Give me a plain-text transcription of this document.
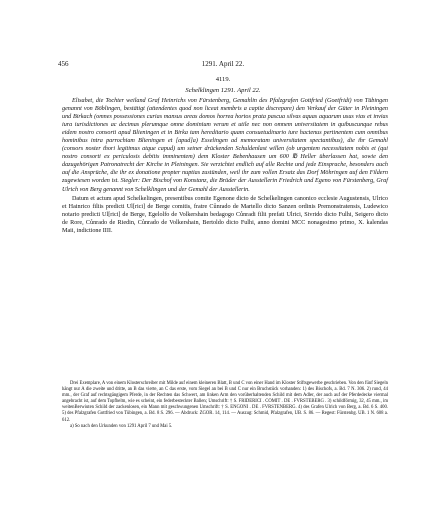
456	1291. April 22.
4119.
Schelklingen 1291. April 22.

Elisabet, die Tochter weiland Graf Heinrichs von Fürstenberg, Gemahlin des Pfalzgrafen Gottfried (Goetfridi) von Tübingen genannt von Böblingen, bestätigt (attendentes quod non liceat membris a capite discrepare) den Verkauf der Güter in Pleiningen und Birkach (omnes possessiones curias mansus areas domos horrea hortos prata pascua silvas aquas aquarum usus vias et invias iura iurisdictiones ac decimas plerumque omne dominium verum et utile nec non omnem universitatem in quibuscunque rebus eidem nostro consorti apud Blieningen et in Birka tam hereditario quam consuetudinario iure hactenus pertinentem cum omnibus hominibus intra parrochiam Blieningen et [apud]a) Esselingen ad memoratam universitatem spectantibus), die ihr Gemahl (consors noster thori legitimus atque capud) um seiner drückenden Schuldenlast willen (ob urgentem necessitatem nobis et (qui nostro consorti ex periculosis debitis imminentem) dem Kloster Bebenhausen um 600 ℔ Heller überlassen hat, sowie den dazugehörigen Patronatrecht der Kirche in Pleiningen. Sie verzichtet endlich auf alle Rechte und jede Einsprache, besonders auch auf die Ansprüche, die ihr ex donatione propter nuptias zustünden, weil ihr zum vollen Ersatz das Dorf Möhringen auf den Fildern zugewiesen worden ist. Siegler: Der Bischof von Konstanz, die Brüder der Ausstellerin Friedrich und Egeno von Fürstenberg, Graf Ulrich von Berg genannt von Schelklingen und der Gemahl der Ausstellerin.

Datum et actum apud Schelkelingen, presentibus comite Egenone dicto de Schelkelingen canonico ecclesie Augustensis, Ulrico et Hainrico filiis predicti Ul[rici] de Berge comitis, fratre Cůnrado de Martello dicto Sanzen ordinis Premonstratensis, Ludewico notario predicti Ul[rici] de Berge, Egelolfo de Volkershain bedagogo Cůnradi filii prefati Ulrici, Sivrido dicto Fulhi, Seigero dicto de Rore, Cůnrado de Riedin, Cůnrado de Volkershain, Bertoldo dicto Fulhi, anno domini MCC nonagesimo primo, X. kalendas Maii, indictione IIII.

Drei Exemplare, A von einem Klosterschreiber mit Milde auf einem kleineren Blatt, B und C von einer Hand im Kloster Stiftsgewerbe geschrieben. Von den fünf Siegeln hängt nur A die zweite und dritte, an B das vierte, an C das erste, vom Siegel an bei B und C nur ein Bruchstück vorhanden: 1) des Bischofs, a. Bd. 7 N. 306. 2) rund, 44 mm., der Graf auf rechtsgängigem Pferde, in der Rechten das Schwert, am linken Arm den vorüberhaltenden Schild mit dem Adler, der auch auf der Pferdedecke viermal angebracht ist, auf dem Topfhelm, wie es scheint, ein federbesteckter Ballen; Umschrift: † S. FRIDERICI . COMIT . DE . FVRSTEBERG . 3) schildförmig, 32, 45 mm., im weitenBerwiuten Schild der zackenlosen, ein Mann mit geschwungenen Umschrift: † S. ENGONI . DE . FVRSTENBERG. 4) des Grafen Ulrich von Berg, a. Bd. 6 S. 400. 5) des Pfalzgrafen Gottfried von Tübingen, a. Bd. 8 S. 296. — Abdruck: ZGOR. 14, 114. — Auszug: Schmid, Pfalzgrafen, UB. S. 86. — Regest: Fürstenbg. UB. 1 N. 608 a. 612.

a) So nach den Urkunden von 1291 April 7 und Mai 5.
